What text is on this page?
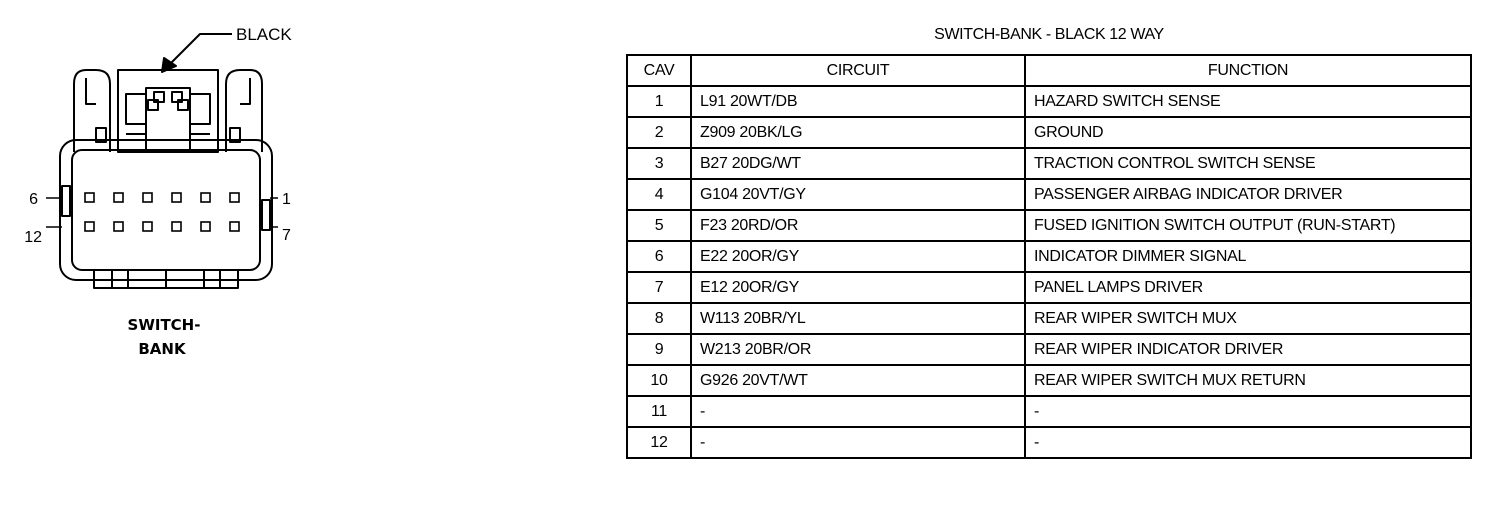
6
12
1
7
BLACK
SWITCH-
BANK
SWITCH-BANK - BLACK 12 WAY
CAV	CIRCUIT	FUNCTION
1	L91 20WT/DB	HAZARD SWITCH SENSE
2	Z909 20BK/LG	GROUND
3	B27 20DG/WT	TRACTION CONTROL SWITCH SENSE
4	G104 20VT/GY	PASSENGER AIRBAG INDICATOR DRIVER
5	F23 20RD/OR	FUSED IGNITION SWITCH OUTPUT (RUN-START)
6	E22 20OR/GY	INDICATOR DIMMER SIGNAL
7	E12 20OR/GY	PANEL LAMPS DRIVER
8	W113 20BR/YL	REAR WIPER SWITCH MUX
9	W213 20BR/OR	REAR WIPER INDICATOR DRIVER
10	G926 20VT/WT	REAR WIPER SWITCH MUX RETURN
11	-	-
12	-	-
